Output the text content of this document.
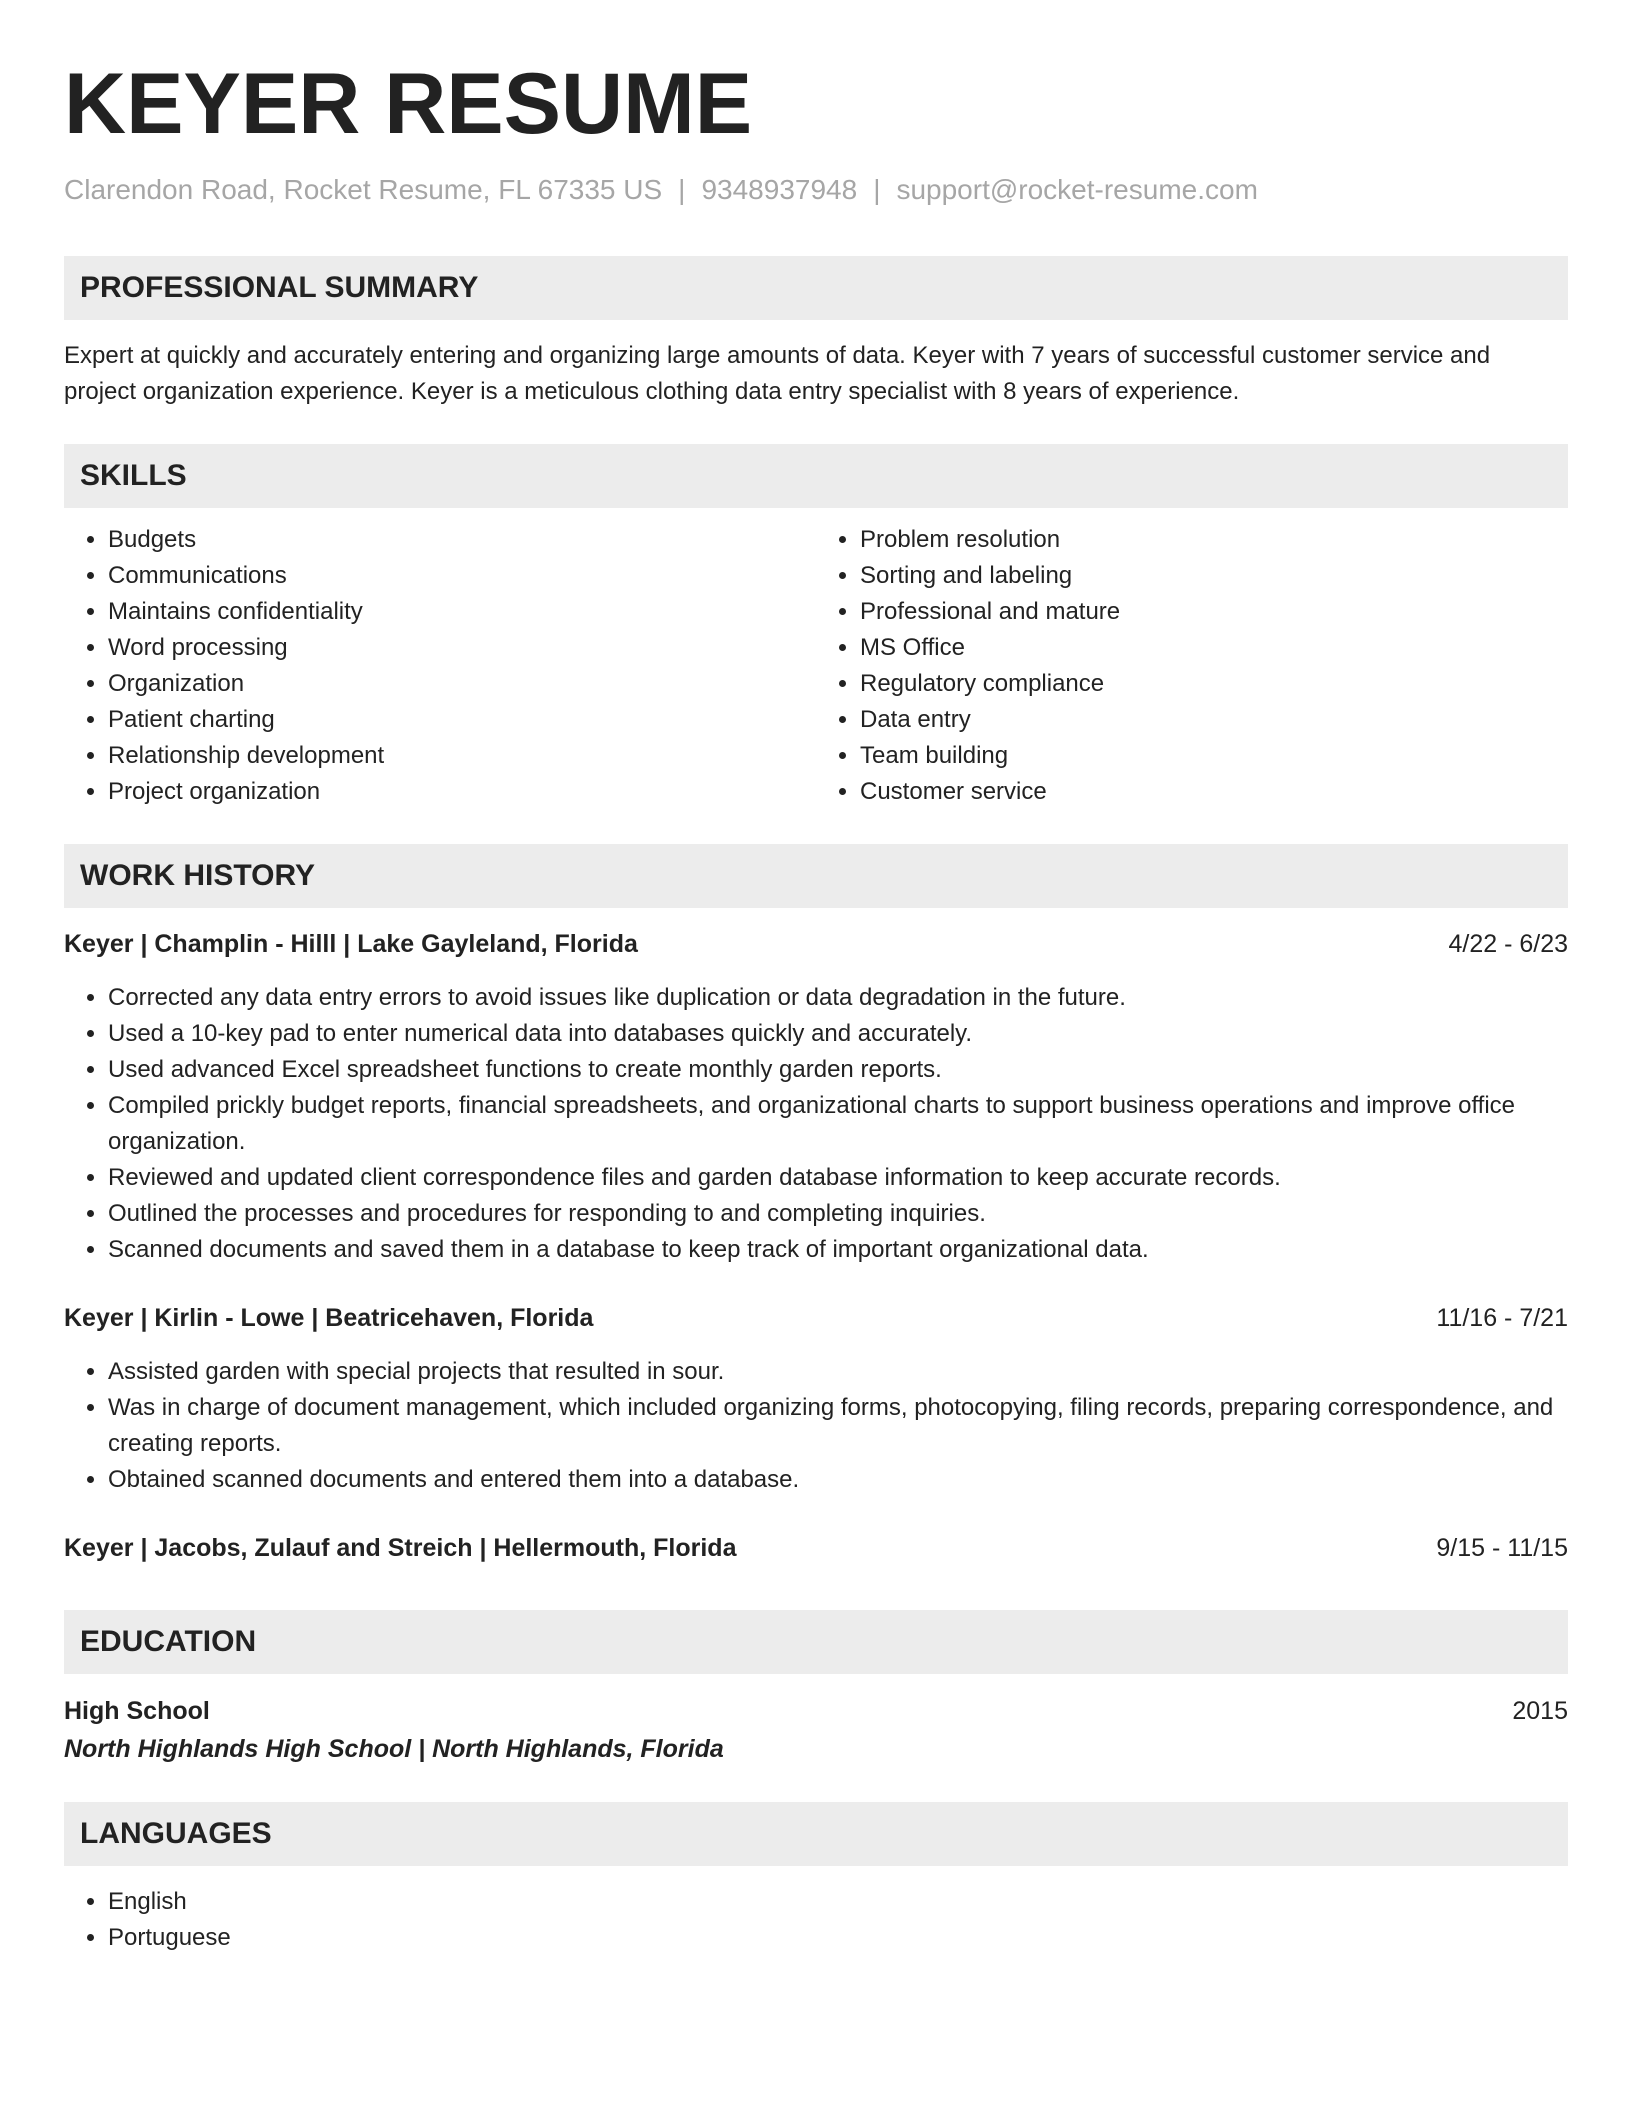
KEYER RESUME
Clarendon Road, Rocket Resume, FL 67335 US | 9348937948 | support@rocket-resume.com
PROFESSIONAL SUMMARY
Expert at quickly and accurately entering and organizing large amounts of data. Keyer with 7 years of successful customer service and project organization experience. Keyer is a meticulous clothing data entry specialist with 8 years of experience.
SKILLS
• Budgets
• Communications
• Maintains confidentiality
• Word processing
• Organization
• Patient charting
• Relationship development
• Project organization
• Problem resolution
• Sorting and labeling
• Professional and mature
• MS Office
• Regulatory compliance
• Data entry
• Team building
• Customer service
WORK HISTORY
Keyer | Champlin - Hilll | Lake Gayleland, Florida	4/22 - 6/23
• Corrected any data entry errors to avoid issues like duplication or data degradation in the future.
• Used a 10-key pad to enter numerical data into databases quickly and accurately.
• Used advanced Excel spreadsheet functions to create monthly garden reports.
• Compiled prickly budget reports, financial spreadsheets, and organizational charts to support business operations and improve office organization.
• Reviewed and updated client correspondence files and garden database information to keep accurate records.
• Outlined the processes and procedures for responding to and completing inquiries.
• Scanned documents and saved them in a database to keep track of important organizational data.
Keyer | Kirlin - Lowe | Beatricehaven, Florida	11/16 - 7/21
• Assisted garden with special projects that resulted in sour.
• Was in charge of document management, which included organizing forms, photocopying, filing records, preparing correspondence, and creating reports.
• Obtained scanned documents and entered them into a database.
Keyer | Jacobs, Zulauf and Streich | Hellermouth, Florida	9/15 - 11/15
EDUCATION
High School	2015
North Highlands High School | North Highlands, Florida
LANGUAGES
• English
• Portuguese
